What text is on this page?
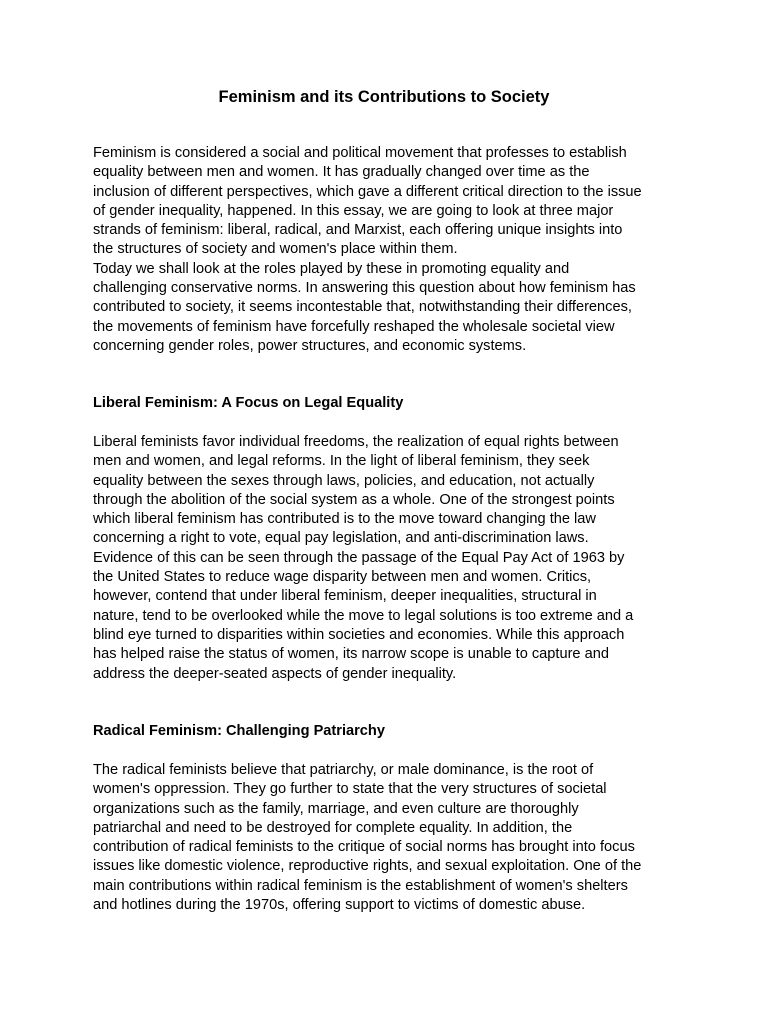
Feminism and its Contributions to Society

Feminism is considered a social and political movement that professes to establish
equality between men and women. It has gradually changed over time as the
inclusion of different perspectives, which gave a different critical direction to the issue
of gender inequality, happened. In this essay, we are going to look at three major
strands of feminism: liberal, radical, and Marxist, each offering unique insights into
the structures of society and women's place within them.

Today we shall look at the roles played by these in promoting equality and
challenging conservative norms. In answering this question about how feminism has
contributed to society, it seems incontestable that, notwithstanding their differences,
the movements of feminism have forcefully reshaped the wholesale societal view
concerning gender roles, power structures, and economic systems.

Liberal Feminism: A Focus on Legal Equality

Liberal feminists favor individual freedoms, the realization of equal rights between
men and women, and legal reforms. In the light of liberal feminism, they seek
equality between the sexes through laws, policies, and education, not actually
through the abolition of the social system as a whole. One of the strongest points
which liberal feminism has contributed is to the move toward changing the law
concerning a right to vote, equal pay legislation, and anti-discrimination laws.
Evidence of this can be seen through the passage of the Equal Pay Act of 1963 by
the United States to reduce wage disparity between men and women. Critics,
however, contend that under liberal feminism, deeper inequalities, structural in
nature, tend to be overlooked while the move to legal solutions is too extreme and a
blind eye turned to disparities within societies and economies. While this approach
has helped raise the status of women, its narrow scope is unable to capture and
address the deeper-seated aspects of gender inequality.

Radical Feminism: Challenging Patriarchy

The radical feminists believe that patriarchy, or male dominance, is the root of
women's oppression. They go further to state that the very structures of societal
organizations such as the family, marriage, and even culture are thoroughly
patriarchal and need to be destroyed for complete equality. In addition, the
contribution of radical feminists to the critique of social norms has brought into focus
issues like domestic violence, reproductive rights, and sexual exploitation. One of the
main contributions within radical feminism is the establishment of women's shelters
and hotlines during the 1970s, offering support to victims of domestic abuse.
